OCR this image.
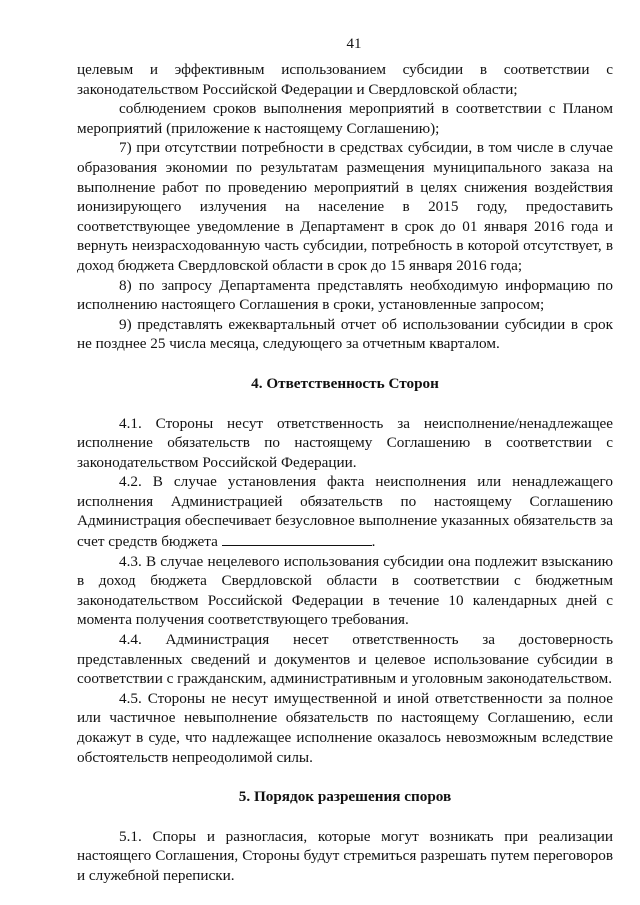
41

целевым и эффективным использованием субсидии в соответствии с законодательством Российской Федерации и Свердловской области;

соблюдением сроков выполнения мероприятий в соответствии с Планом мероприятий (приложение к настоящему Соглашению);

7) при отсутствии потребности в средствах субсидии, в том числе в случае образования экономии по результатам размещения муниципального заказа на выполнение работ по проведению мероприятий в целях снижения воздействия ионизирующего излучения на население в 2015 году, предоставить соответствующее уведомление в Департамент в срок до 01 января 2016 года и вернуть неизрасходованную часть субсидии, потребность в которой отсутствует, в доход бюджета Свердловской области в срок до 15 января 2016 года;

8) по запросу Департамента представлять необходимую информацию по исполнению настоящего Соглашения в сроки, установленные запросом;

9) представлять ежеквартальный отчет об использовании субсидии в срок не позднее 25 числа месяца, следующего за отчетным кварталом.

4. Ответственность Сторон

4.1. Стороны несут ответственность за неисполнение/ненадлежащее исполнение обязательств по настоящему Соглашению в соответствии с законодательством Российской Федерации.

4.2. В случае установления факта неисполнения или ненадлежащего исполнения Администрацией обязательств по настоящему Соглашению Администрация обеспечивает безусловное выполнение указанных обязательств за счет средств бюджета	.

4.3. В случае нецелевого использования субсидии она подлежит взысканию в доход бюджета Свердловской области в соответствии с бюджетным законодательством Российской Федерации в течение 10 календарных дней с момента получения соответствующего требования.

4.4. Администрация несет ответственность за достоверность представленных сведений и документов и целевое использование субсидии в соответствии с гражданским, административным и уголовным законодательством.

4.5. Стороны не несут имущественной и иной ответственности за полное или частичное невыполнение обязательств по настоящему Соглашению, если докажут в суде, что надлежащее исполнение оказалось невозможным вследствие обстоятельств непреодолимой силы.

5. Порядок разрешения споров

5.1. Споры и разногласия, которые могут возникать при реализации настоящего Соглашения, Стороны будут стремиться разрешать путем переговоров и служебной переписки.
